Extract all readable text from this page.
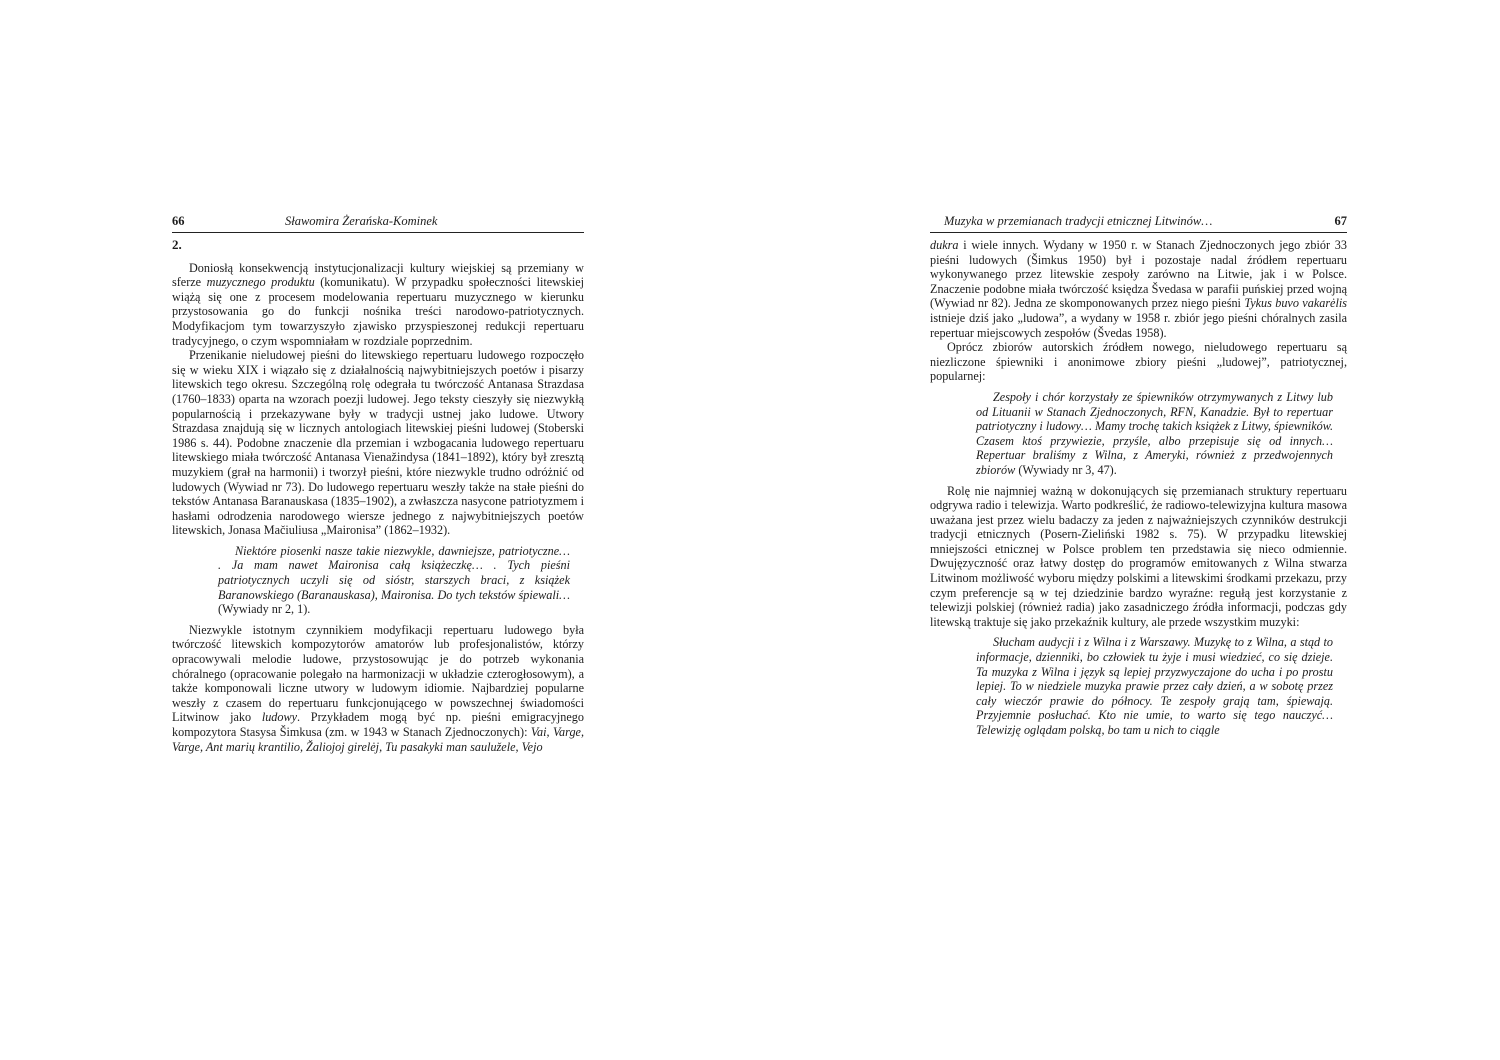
66	Sławomira Żerańska-Kominek
2.

Doniosłą konsekwencją instytucjonalizacji kultury wiejskiej są przemiany w sferze muzycznego produktu (komunikatu). W przypadku społeczności litewskiej wiążą się one z procesem modelowania repertuaru muzycznego w kierunku przystosowania go do funkcji nośnika treści narodowo-patriotycznych. Modyfikacjom tym towarzyszyło zjawisko przyspieszonej redukcji repertuaru tradycyjnego, o czym wspomniałam w rozdziale poprzednim.

Przenikanie nieludowej pieśni do litewskiego repertuaru ludowego rozpoczęło się w wieku XIX i wiązało się z działalnością najwybitniejszych poetów i pisarzy litewskich tego okresu. Szczególną rolę odegrała tu twórczość Antanasa Strazdasa (1760–1833) oparta na wzorach poezji ludowej. Jego teksty cieszyły się niezwykłą popularnością i przekazywane były w tradycji ustnej jako ludowe. Utwory Strazdasa znajdują się w licznych antologiach litewskiej pieśni ludowej (Stoberski 1986 s. 44). Podobne znaczenie dla przemian i wzbogacania ludowego repertuaru litewskiego miała twórczość Antanasa Vienažindysa (1841–1892), który był zresztą muzykiem (grał na harmonii) i tworzył pieśni, które niezwykle trudno odróżnić od ludowych (Wywiad nr 73). Do ludowego repertuaru weszły także na stałe pieśni do tekstów Antanasa Baranauskasa (1835–1902), a zwłaszcza nasycone patriotyzmem i hasłami odrodzenia narodowego wiersze jednego z najwybitniejszych poetów litewskich, Jonasa Mačiuliusa „Maironisa” (1862–1932).

Niektóre piosenki nasze takie niezwykle, dawniejsze, patriotyczne… . Ja mam nawet Maironisa całą książeczkę… . Tych pieśni patriotycznych uczyli się od sióstr, starszych braci, z książek Baranowskiego (Baranauskasa), Maironisa. Do tych tekstów śpiewali… (Wywiady nr 2, 1).

Niezwykle istotnym czynnikiem modyfikacji repertuaru ludowego była twórczość litewskich kompozytorów amatorów lub profesjonalistów, którzy opracowywali melodie ludowe, przystosowując je do potrzeb wykonania chóralnego (opracowanie polegało na harmonizacji w układzie czterogłosowym), a także komponowali liczne utwory w ludowym idiomie. Najbardziej popularne weszły z czasem do repertuaru funkcjonującego w powszechnej świadomości Litwinow jako ludowy. Przykładem mogą być np. pieśni emigracyjnego kompozytora Stasysa Šimkusa (zm. w 1943 w Stanach Zjednoczonych): Vai, Varge, Varge, Ant marių krantilio, Žaliojoj girelėj, Tu pasakyki man saulužele, Vejo

Muzyka w przemianach tradycji etnicznej Litwinów…	67

dukra i wiele innych. Wydany w 1950 r. w Stanach Zjednoczonych jego zbiór 33 pieśni ludowych (Šimkus 1950) był i pozostaje nadal źródłem repertuaru wykonywanego przez litewskie zespoły zarówno na Litwie, jak i w Polsce. Znaczenie podobne miała twórczość księdza Švedasa w parafii puńskiej przed wojną (Wywiad nr 82). Jedna ze skomponowanych przez niego pieśni Tykus buvo vakarėlis istnieje dziś jako „ludowa”, a wydany w 1958 r. zbiór jego pieśni chóralnych zasila repertuar miejscowych zespołów (Švedas 1958).

Oprócz zbiorów autorskich źródłem nowego, nieludowego repertuaru są niezliczone śpiewniki i anonimowe zbiory pieśni „ludowej”, patriotycznej, popularnej:

Zespoły i chór korzystały ze śpiewników otrzymywanych z Litwy lub od Lituanii w Stanach Zjednoczonych, RFN, Kanadzie. Był to repertuar patriotyczny i ludowy… Mamy trochę takich książek z Litwy, śpiewników. Czasem ktoś przywiezie, przyśle, albo przepisuje się od innych… Repertuar braliśmy z Wilna, z Ameryki, również z przedwojennych zbiorów (Wywiady nr 3, 47).

Rolę nie najmniej ważną w dokonujących się przemianach struktury repertuaru odgrywa radio i telewizja. Warto podkreślić, że radiowo-telewizyjna kultura masowa uważana jest przez wielu badaczy za jeden z najważniejszych czynników destrukcji tradycji etnicznych (Posern-Zieliński 1982 s. 75). W przypadku litewskiej mniejszości etnicznej w Polsce problem ten przedstawia się nieco odmiennie. Dwujęzyczność oraz łatwy dostęp do programów emitowanych z Wilna stwarza Litwinom możliwość wyboru między polskimi a litewskimi środkami przekazu, przy czym preferencje są w tej dziedzinie bardzo wyraźne: regułą jest korzystanie z telewizji polskiej (również radia) jako zasadniczego źródła informacji, podczas gdy litewską traktuje się jako przekaźnik kultury, ale przede wszystkim muzyki:

Słucham audycji i z Wilna i z Warszawy. Muzykę to z Wilna, a stąd to informacje, dzienniki, bo człowiek tu żyje i musi wiedzieć, co się dzieje. Ta muzyka z Wilna i język są lepiej przyzwyczajone do ucha i po prostu lepiej. To w niedziele muzyka prawie przez cały dzień, a w sobotę przez cały wieczór prawie do północy. Te zespoły grają tam, śpiewają. Przyjemnie posłuchać. Kto nie umie, to warto się tego nauczyć… Telewizję oglądam polską, bo tam u nich to ciągle
